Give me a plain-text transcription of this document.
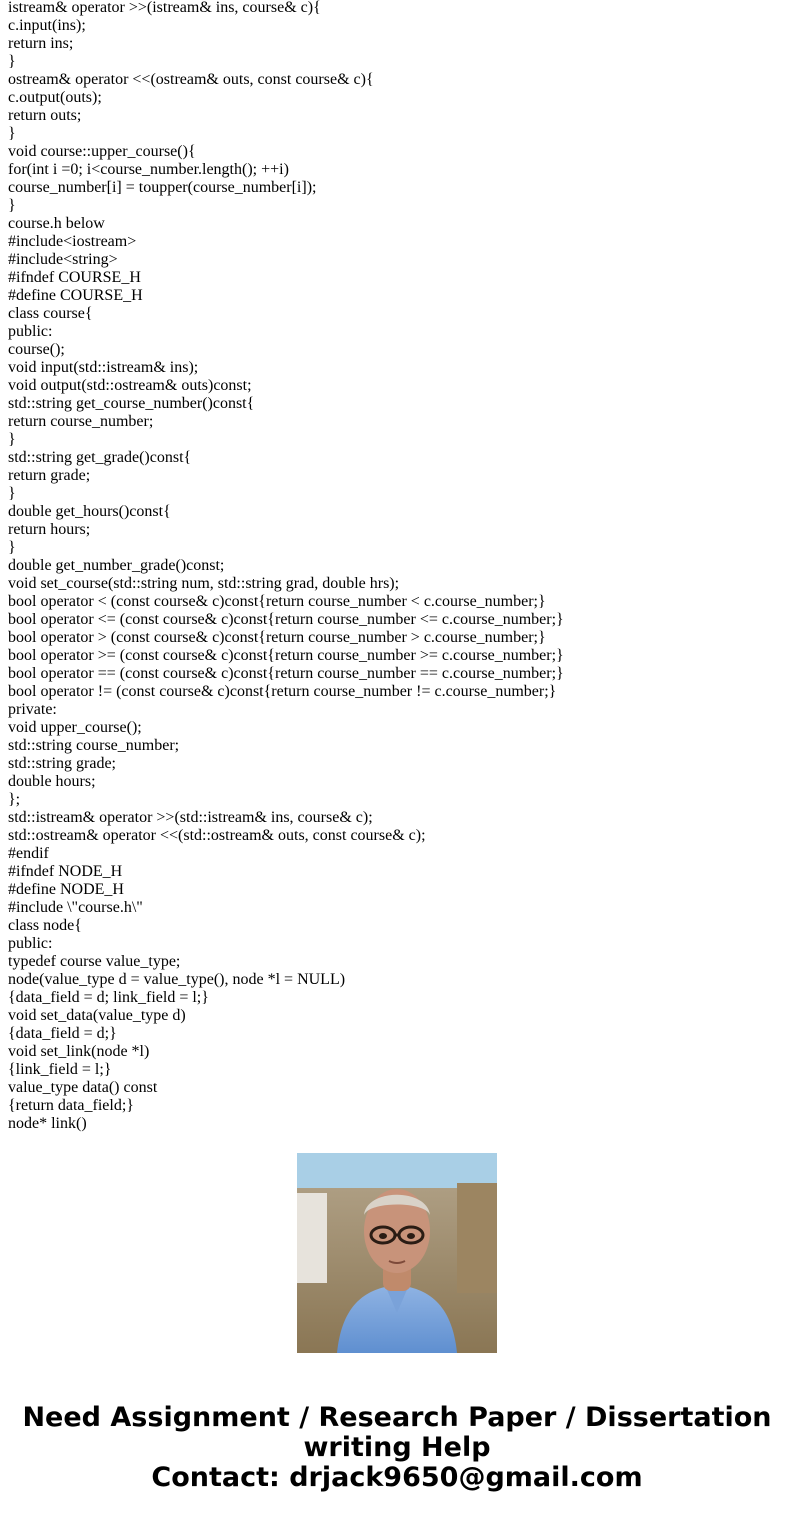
istream& operator >>(istream& ins, course& c){
c.input(ins);
return ins;
}
ostream& operator <<(ostream& outs, const course& c){
c.output(outs);
return outs;
}
void course::upper_course(){
for(int i =0; i<course_number.length(); ++i)
course_number[i] = toupper(course_number[i]);
}
course.h below
#include<iostream>
#include<string>
#ifndef COURSE_H
#define COURSE_H
class course{
public:
course();
void input(std::istream& ins);
void output(std::ostream& outs)const;
std::string get_course_number()const{
return course_number;
}
std::string get_grade()const{
return grade;
}
double get_hours()const{
return hours;
}
double get_number_grade()const;
void set_course(std::string num, std::string grad, double hrs);
bool operator < (const course& c)const{return course_number < c.course_number;}
bool operator <= (const course& c)const{return course_number <= c.course_number;}
bool operator > (const course& c)const{return course_number > c.course_number;}
bool operator >= (const course& c)const{return course_number >= c.course_number;}
bool operator == (const course& c)const{return course_number == c.course_number;}
bool operator != (const course& c)const{return course_number != c.course_number;}
private:
void upper_course();
std::string course_number;
std::string grade;
double hours;
};
std::istream& operator >>(std::istream& ins, course& c);
std::ostream& operator <<(std::ostream& outs, const course& c);
#endif
#ifndef NODE_H
#define NODE_H
#include \"course.h\"
class node{
public:
typedef course value_type;
node(value_type d = value_type(), node *l = NULL)
{data_field = d; link_field = l;}
void set_data(value_type d)
{data_field = d;}
void set_link(node *l)
{link_field = l;}
value_type data() const
{return data_field;}
node* link()
Need Assignment / Research Paper / Dissertation
writing Help
Contact: drjack9650@gmail.com
